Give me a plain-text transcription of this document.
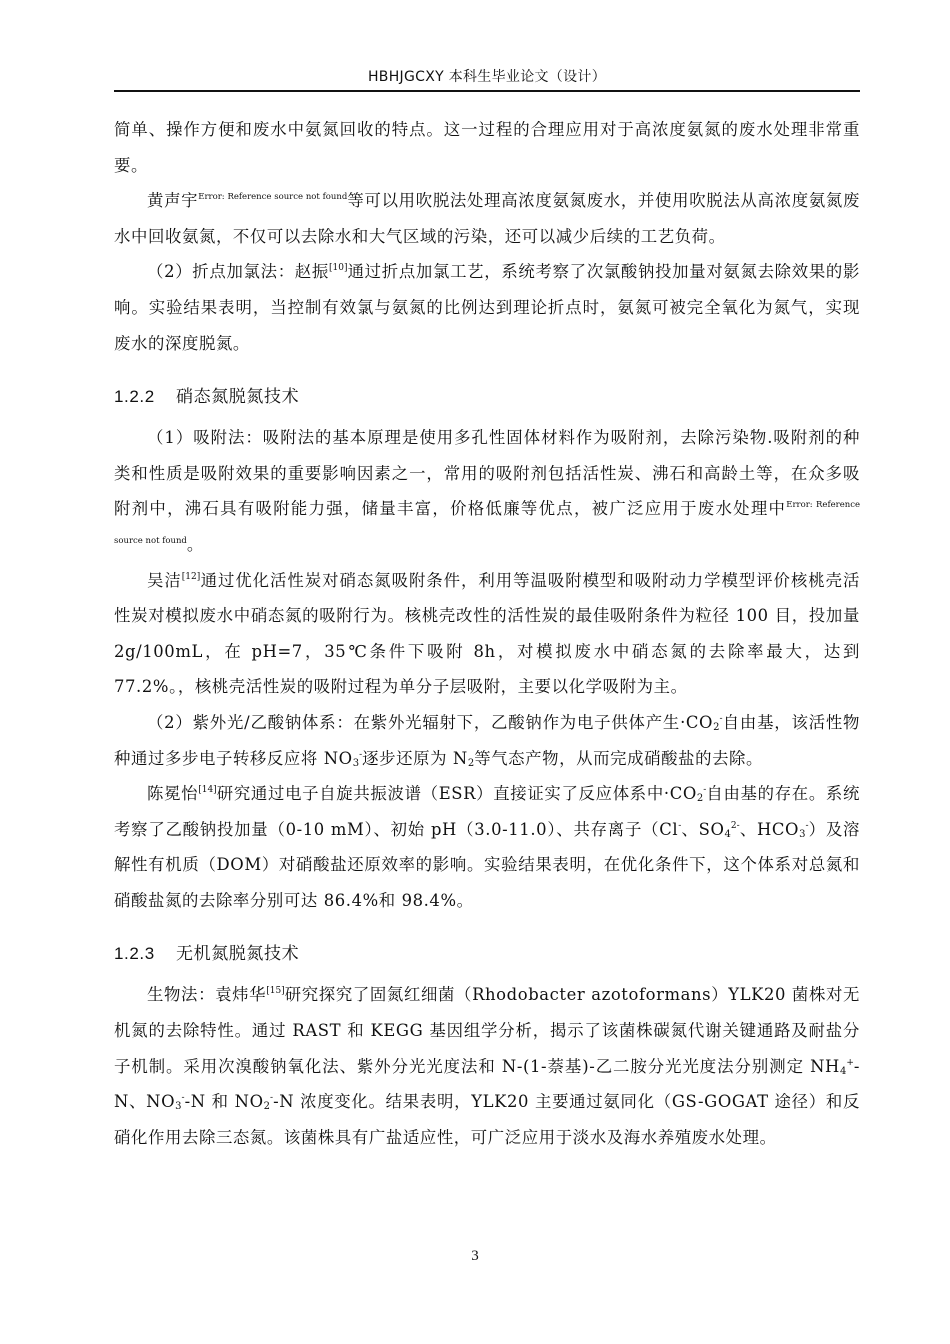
HBHJGCXY 本科生毕业论文（设计）

简单、操作方便和废水中氨氮回收的特点。这一过程的合理应用对于高浓度氨氮的废水处理非常重要。

黄声宇$^{Error: Reference source not found}$等可以用吹脱法处理高浓度氨氮废水，并使用吹脱法从高浓度氨氮废水中回收氨氮，不仅可以去除水和大气区域的污染，还可以减少后续的工艺负荷。

（2）折点加氯法：赵振[10]通过折点加氯工艺，系统考察了次氯酸钠投加量对氨氮去除效果的影响。实验结果表明，当控制有效氯与氨氮的比例达到理论折点时，氨氮可被完全氧化为氮气，实现废水的深度脱氮。

1.2.2 硝态氮脱氮技术

（1）吸附法：吸附法的基本原理是使用多孔性固体材料作为吸附剂，去除污染物.吸附剂的种类和性质是吸附效果的重要影响因素之一，常用的吸附剂包括活性炭、沸石和高龄土等，在众多吸附剂中，沸石具有吸附能力强，储量丰富，价格低廉等优点，被广泛应用于废水处理中$^{Error: Reference source not found}$。

吴洁[12]通过优化活性炭对硝态氮吸附条件，利用等温吸附模型和吸附动力学模型评价核桃壳活性炭对模拟废水中硝态氮的吸附行为。核桃壳改性的活性炭的最佳吸附条件为粒径 100 目，投加量 2g/100mL，在 pH=7，35℃条件下吸附 8h，对模拟废水中硝态氮的去除率最大，达到 77.2%。，核桃壳活性炭的吸附过程为单分子层吸附，主要以化学吸附为主。

（2）紫外光/乙酸钠体系：在紫外光辐射下，乙酸钠作为电子供体产生$\cdot CO_2^-$自由基，该活性物种通过多步电子转移反应将 $NO_3^-$逐步还原为 $N_2$等气态产物，从而完成硝酸盐的去除。

陈冕怡[14]研究通过电子自旋共振波谱（ESR）直接证实了反应体系中$\cdot CO_2^-$自由基的存在。系统考察了乙酸钠投加量（0-10 mM）、初始 pH（3.0-11.0）、共存离子（Cl-、$SO_4^{2-}$、$HCO_3^-$）及溶解性有机质（DOM）对硝酸盐还原效率的影响。实验结果表明，在优化条件下，这个体系对总氮和硝酸盐氮的去除率分别可达 86.4%和 98.4%。

1.2.3 无机氮脱氮技术

生物法：袁炜华[15]研究探究了固氮红细菌（Rhodobacter azotoformans）YLK20 菌株对无机氮的去除特性。通过 RAST 和 KEGG 基因组学分析，揭示了该菌株碳氮代谢关键通路及耐盐分子机制。采用次溴酸钠氧化法、紫外分光光度法和 N-(1-萘基)-乙二胺分光光度法分别测定 $NH_4^+-N$、$NO_3^--N$ 和 $NO_2^--N$ 浓度变化。结果表明，YLK20 主要通过氨同化（GS-GOGAT 途径）和反硝化作用去除三态氮。该菌株具有广盐适应性，可广泛应用于淡水及海水养殖废水处理。

3
